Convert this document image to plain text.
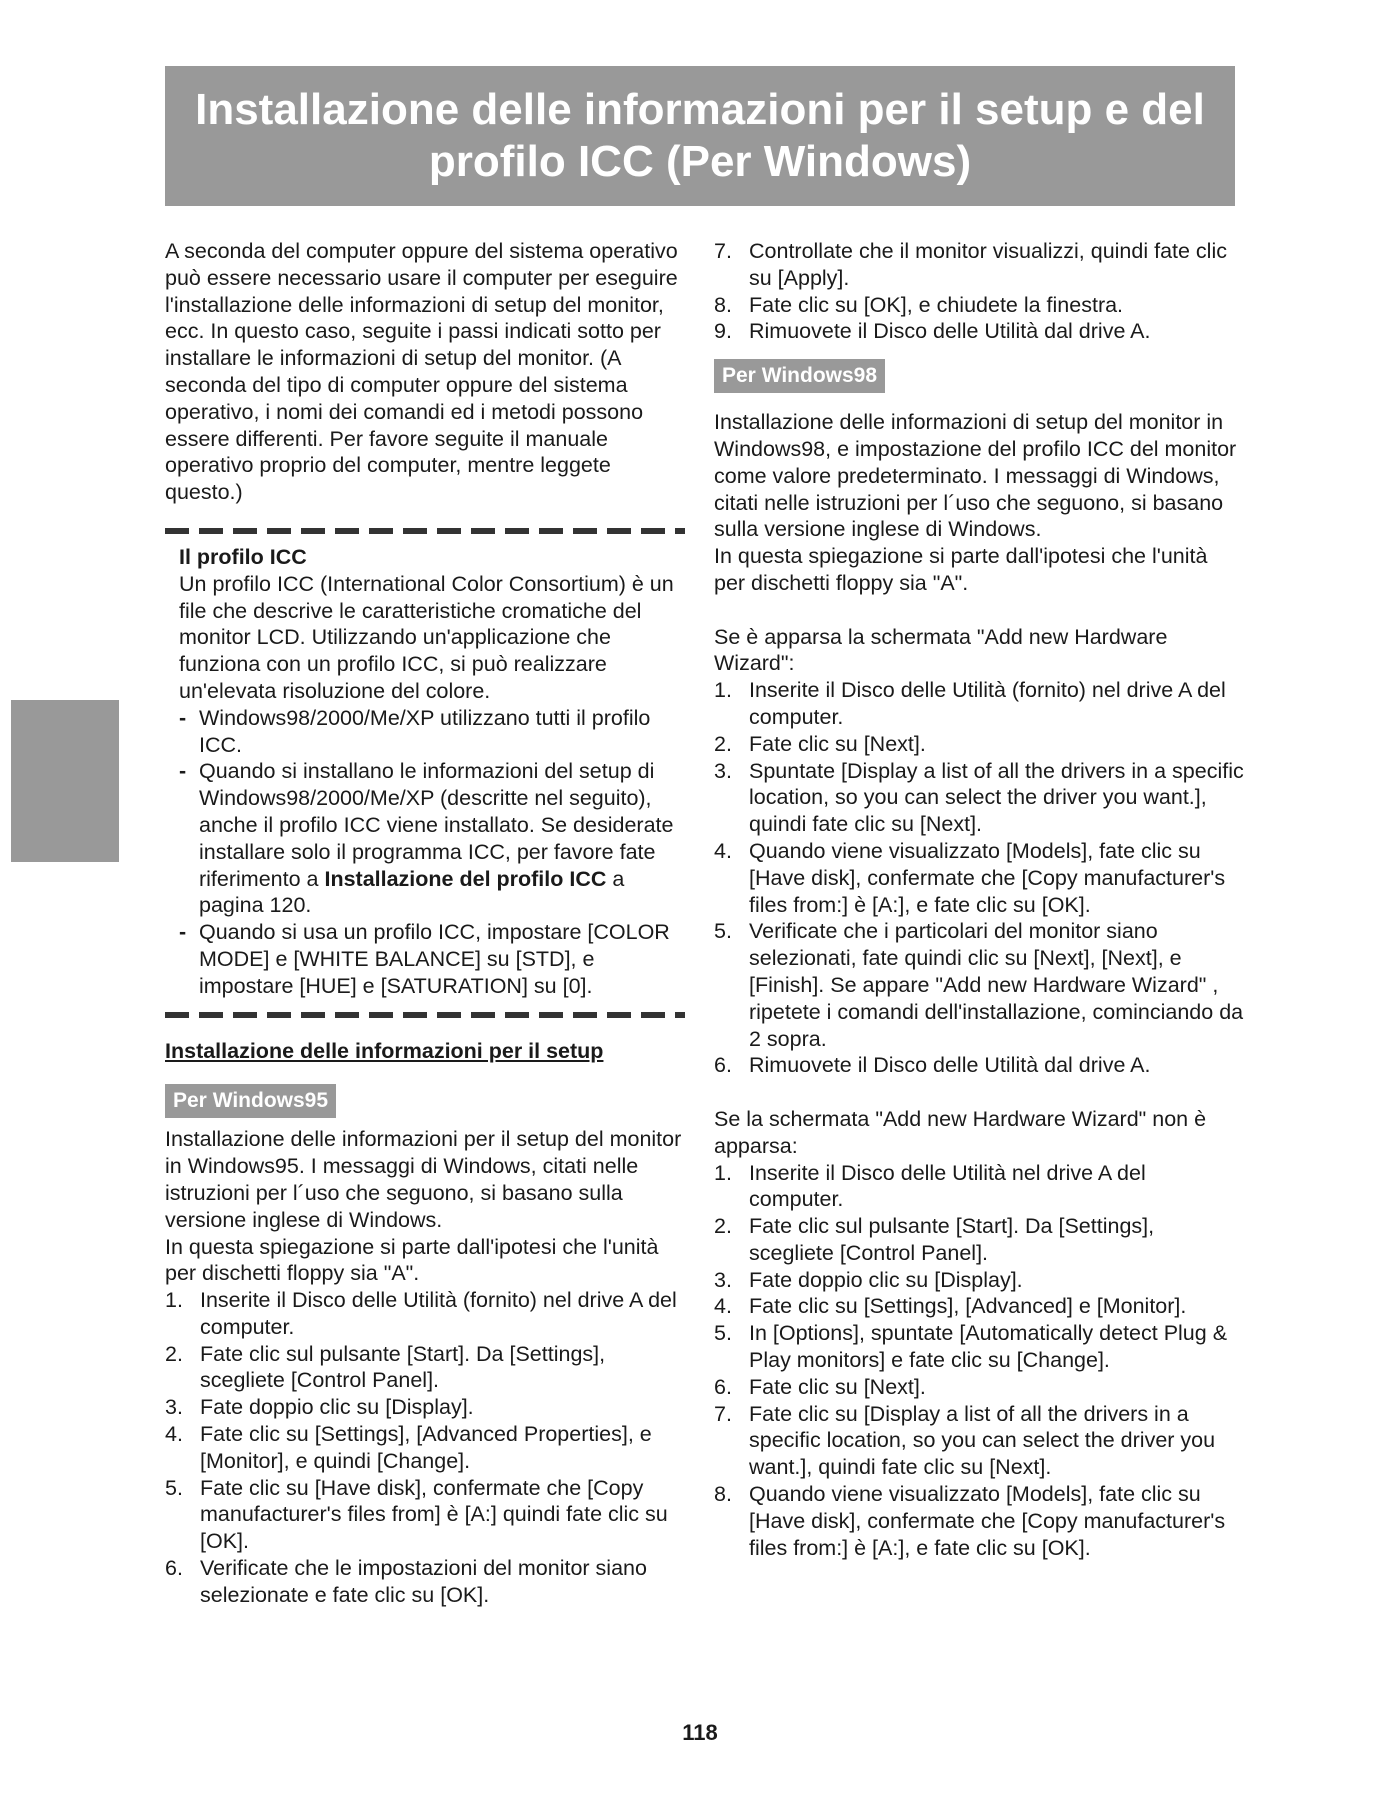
Installazione delle informazioni per il setup e del profilo ICC (Per Windows)

A seconda del computer oppure del sistema operativo può essere necessario usare il computer per eseguire l'installazione delle informazioni di setup del monitor, ecc. In questo caso, seguite i passi indicati sotto per installare le informazioni di setup del monitor. (A seconda del tipo di computer oppure del sistema operativo, i nomi dei comandi ed i metodi possono essere differenti. Per favore seguite il manuale operativo proprio del computer, mentre leggete questo.)

Il profilo ICC

Un profilo ICC (International Color Consortium) è un file che descrive le caratteristiche cromatiche del monitor LCD. Utilizzando un'applicazione che funziona con un profilo ICC, si può realizzare un'elevata risoluzione del colore.

- Windows98/2000/Me/XP utilizzano tutti il profilo ICC.
- Quando si installano le informazioni del setup di Windows98/2000/Me/XP (descritte nel seguito), anche il profilo ICC viene installato. Se desiderate installare solo il programma ICC, per favore fate riferimento a Installazione del profilo ICC a pagina 120.
- Quando si usa un profilo ICC, impostare [COLOR MODE] e [WHITE BALANCE] su [STD], e impostare [HUE] e [SATURATION] su [0].

Installazione delle informazioni per il setup

Per Windows95

Installazione delle informazioni per il setup del monitor in Windows95. I messaggi di Windows, citati nelle istruzioni per l´uso che seguono, si basano sulla versione inglese di Windows.

In questa spiegazione si parte dall'ipotesi che l'unità per dischetti floppy sia "A".

1. Inserite il Disco delle Utilità (fornito) nel drive A del computer.
2. Fate clic sul pulsante [Start]. Da [Settings], scegliete [Control Panel].
3. Fate doppio clic su [Display].
4. Fate clic su [Settings], [Advanced Properties], e [Monitor], e quindi [Change].
5. Fate clic su [Have disk], confermate che [Copy manufacturer's files from] è [A:] quindi fate clic su [OK].
6. Verificate che le impostazioni del monitor siano selezionate e fate clic su [OK].
7. Controllate che il monitor visualizzi, quindi fate clic su [Apply].
8. Fate clic su [OK], e chiudete la finestra.
9. Rimuovete il Disco delle Utilità dal drive A.
Per Windows98

Installazione delle informazioni di setup del monitor in Windows98, e impostazione del profilo ICC del monitor come valore predeterminato. I messaggi di Windows, citati nelle istruzioni per l´uso che seguono, si basano sulla versione inglese di Windows.

In questa spiegazione si parte dall'ipotesi che l'unità per dischetti floppy sia "A".

Se è apparsa la schermata "Add new Hardware Wizard":

1. Inserite il Disco delle Utilità (fornito) nel drive A del computer.
2. Fate clic su [Next].
3. Spuntate [Display a list of all the drivers in a specific location, so you can select the driver you want.], quindi fate clic su [Next].
4. Quando viene visualizzato [Models], fate clic su [Have disk], confermate che [Copy manufacturer's files from:] è [A:], e fate clic su [OK].
5. Verificate che i particolari del monitor siano selezionati, fate quindi clic su [Next], [Next], e [Finish]. Se appare "Add new Hardware Wizard" , ripetete i comandi dell'installazione, cominciando da 2 sopra.
6. Rimuovete il Disco delle Utilità dal drive A.

Se la schermata "Add new Hardware Wizard" non è apparsa:

1. Inserite il Disco delle Utilità nel drive A del computer.
2. Fate clic sul pulsante [Start]. Da [Settings], scegliete [Control Panel].
3. Fate doppio clic su [Display].
4. Fate clic su [Settings], [Advanced] e [Monitor].
5. In [Options], spuntate [Automatically detect Plug & Play monitors] e fate clic su [Change].
6. Fate clic su [Next].
7. Fate clic su [Display a list of all the drivers in a specific location, so you can select the driver you want.], quindi fate clic su [Next].
8. Quando viene visualizzato [Models], fate clic su [Have disk], confermate che [Copy manufacturer's files from:] è [A:], e fate clic su [OK].
118
